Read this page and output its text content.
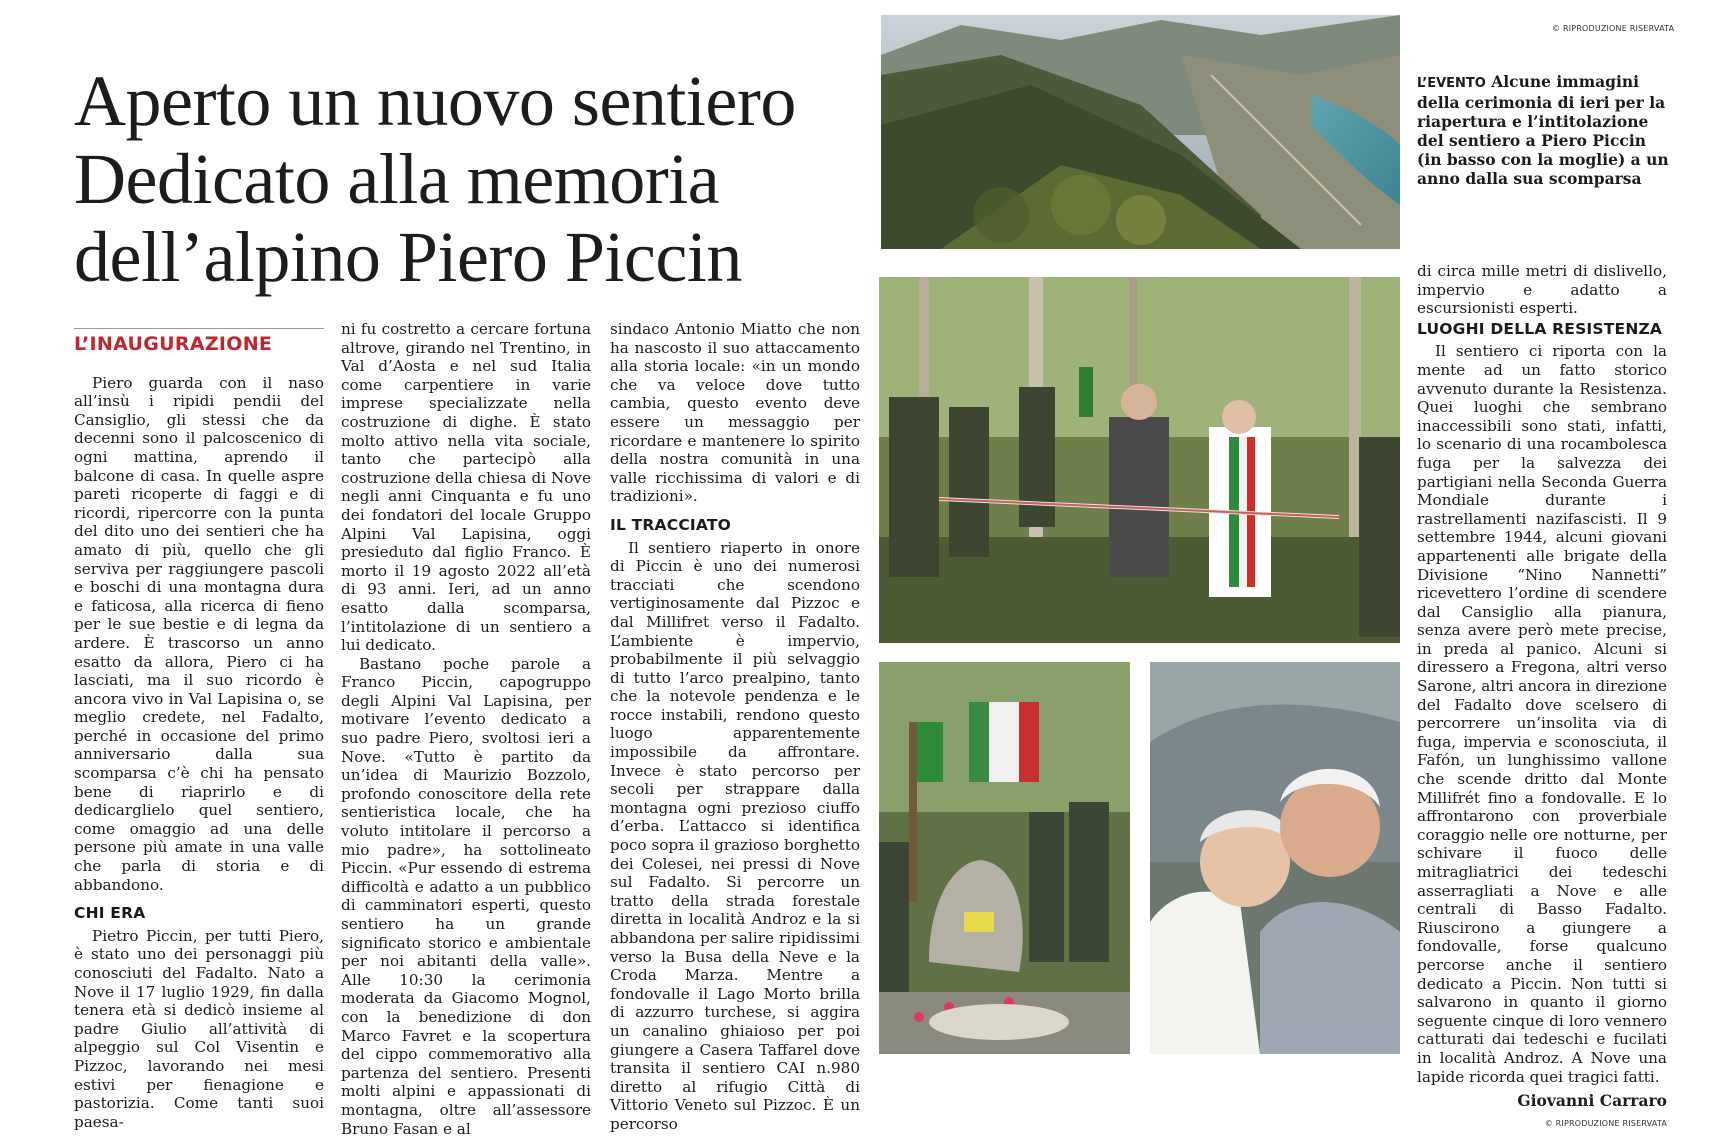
© RIPRODUZIONE RISERVATA
Aperto un nuovo sentiero
Dedicato alla memoria
dell’alpino Piero Piccin
L’INAUGURAZIONE

Piero guarda con il naso all’insù i ripidi pendii del Cansiglio, gli stessi che da decenni sono il palcoscenico di ogni mattina, aprendo il balcone di casa. In quelle aspre pareti ricoperte di faggi e di ricordi, ripercorre con la punta del dito uno dei sentieri che ha amato di più, quello che gli serviva per raggiungere pascoli e boschi di una montagna dura e faticosa, alla ricerca di fieno per le sue bestie e di legna da ardere. È trascorso un anno esatto da allora, Piero ci ha lasciati, ma il suo ricordo è ancora vivo in Val Lapisina o, se meglio credete, nel Fadalto, perché in occasione del primo anniversario dalla sua scomparsa c’è chi ha pensato bene di riaprirlo e di dedicarglielo quel sentiero, come omaggio ad una delle persone più amate in una valle che parla di storia e di abbandono.

CHI ERA

Pietro Piccin, per tutti Piero, è stato uno dei personaggi più conosciuti del Fadalto. Nato a Nove il 17 luglio 1929, fin dalla tenera età si dedicò insieme al padre Giulio all’attività di alpeggio sul Col Visentin e Pizzoc, lavorando nei mesi estivi per fienagione e pastorizia. Come tanti suoi paesa-

ni fu costretto a cercare fortuna altrove, girando nel Trentino, in Val d’Aosta e nel sud Italia come carpentiere in varie imprese specializzate nella costruzione di dighe. È stato molto attivo nella vita sociale, tanto che partecipò alla costruzione della chiesa di Nove negli anni Cinquanta e fu uno dei fondatori del locale Gruppo Alpini Val Lapisina, oggi presieduto dal figlio Franco. È morto il 19 agosto 2022 all’età di 93 anni. Ieri, ad un anno esatto dalla scomparsa, l’intitolazione di un sentiero a lui dedicato.

Bastano poche parole a Franco Piccin, capogruppo degli Alpini Val Lapisina, per motivare l’evento dedicato a suo padre Piero, svoltosi ieri a Nove. «Tutto è partito da un’idea di Maurizio Bozzolo, profondo conoscitore della rete sentieristica locale, che ha voluto intitolare il percorso a mio padre», ha sottolineato Piccin. «Pur essendo di estrema difficoltà e adatto a un pubblico di camminatori esperti, questo sentiero ha un grande significato storico e ambientale per noi abitanti della valle». Alle 10:30 la cerimonia moderata da Giacomo Mognol, con la benedizione di don Marco Favret e la scopertura del cippo commemorativo alla partenza del sentiero. Presenti molti alpini e appassionati di montagna, oltre all’assessore Bruno Fasan e al

sindaco Antonio Miatto che non ha nascosto il suo attaccamento alla storia locale: «in un mondo che va veloce dove tutto cambia, questo evento deve essere un messaggio per ricordare e mantenere lo spirito della nostra comunità in una valle ricchissima di valori e di tradizioni».

IL TRACCIATO

Il sentiero riaperto in onore di Piccin è uno dei numerosi tracciati che scendono vertiginosamente dal Pizzoc e dal Millifret verso il Fadalto. L’ambiente è impervio, probabilmente il più selvaggio di tutto l’arco prealpino, tanto che la notevole pendenza e le rocce instabili, rendono questo luogo apparentemente impossibile da affrontare. Invece è stato percorso per secoli per strappare dalla montagna ogni prezioso ciuffo d’erba. L’attacco si identifica poco sopra il grazioso borghetto dei Colesei, nei pressi di Nove sul Fadalto. Si percorre un tratto della strada forestale diretta in località Androz e la si abbandona per salire ripidissimi verso la Busa della Neve e la Croda Marza. Mentre a fondovalle il Lago Morto brilla di azzurro turchese, si aggira un canalino ghiaioso per poi giungere a Casera Taffarel dove transita il sentiero CAI n.980 diretto al rifugio Città di Vittorio Veneto sul Pizzoc. È un percorso

di circa mille metri di dislivello, impervio e adatto a escursionisti esperti.

LUOGHI DELLA RESISTENZA

Il sentiero ci riporta con la mente ad un fatto storico avvenuto durante la Resistenza. Quei luoghi che sembrano inaccessibili sono stati, infatti, lo scenario di una rocambolesca fuga per la salvezza dei partigiani nella Seconda Guerra Mondiale durante i rastrellamenti nazifascisti. Il 9 settembre 1944, alcuni giovani appartenenti alle brigate della Divisione “Nino Nannetti” ricevettero l’ordine di scendere dal Cansiglio alla pianura, senza avere però mete precise, in preda al panico. Alcuni si diressero a Fregona, altri verso Sarone, altri ancora in direzione del Fadalto dove scelsero di percorrere un’insolita via di fuga, impervia e sconosciuta, il Fafón, un lunghissimo vallone che scende dritto dal Monte Millifrét fino a fondovalle. E lo affrontarono con proverbiale coraggio nelle ore notturne, per schivare il fuoco delle mitragliatrici dei tedeschi asserragliati a Nove e alle centrali di Basso Fadalto. Riuscirono a giungere a fondovalle, forse qualcuno percorse anche il sentiero dedicato a Piccin. Non tutti si salvarono in quanto il giorno seguente cinque di loro vennero catturati dai tedeschi e fucilati in località Androz. A Nove una lapide ricorda quei tragici fatti.

Giovanni Carraro
© RIPRODUZIONE RISERVATA
L’EVENTO Alcune immagini della cerimonia di ieri per la riapertura e l’intitolazione del sentiero a Piero Piccin (in basso con la moglie) a un anno dalla sua scomparsa
